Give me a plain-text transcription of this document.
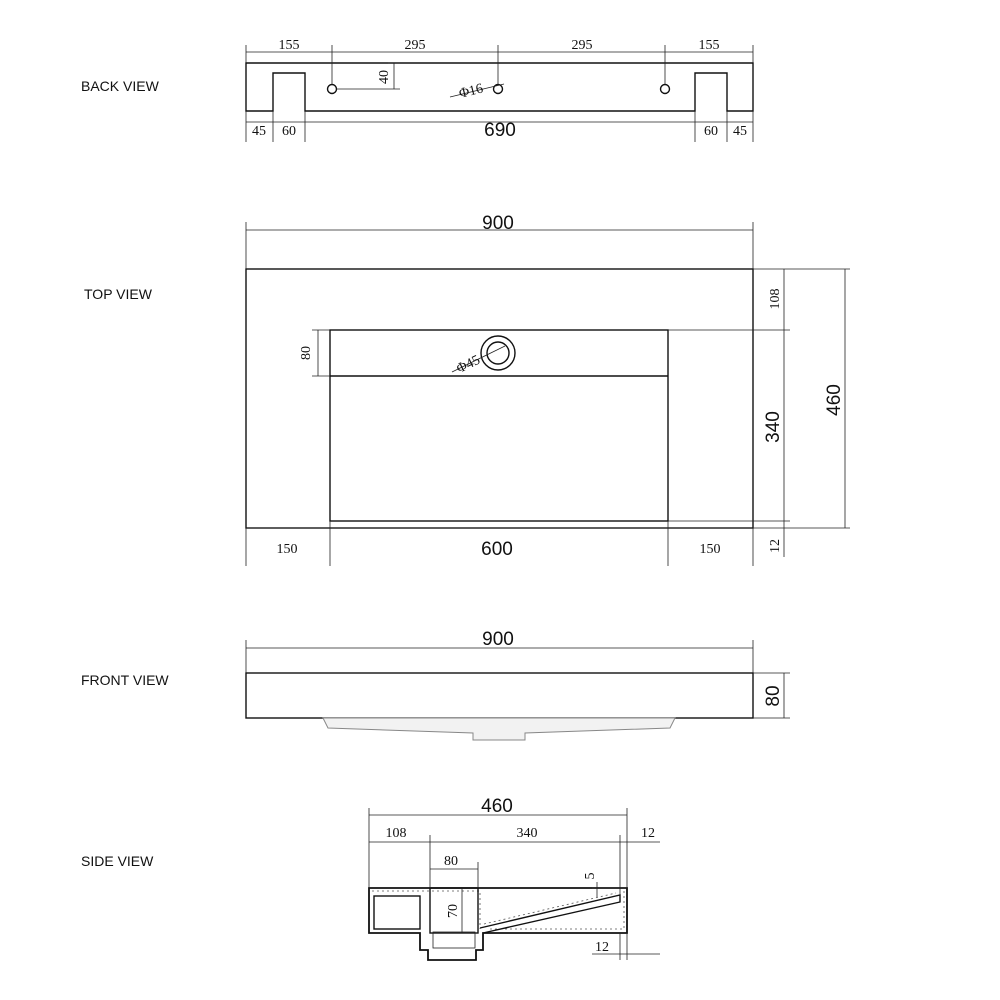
BACK VIEW
TOP VIEW
FRONT VIEW
SIDE VIEW
155	295	295	155
40
Φ16
45 60	690	60 45
900
108
460
340
12
80	Φ45
150	600	150
900
80
460
108	340	12
80
70
5
12
